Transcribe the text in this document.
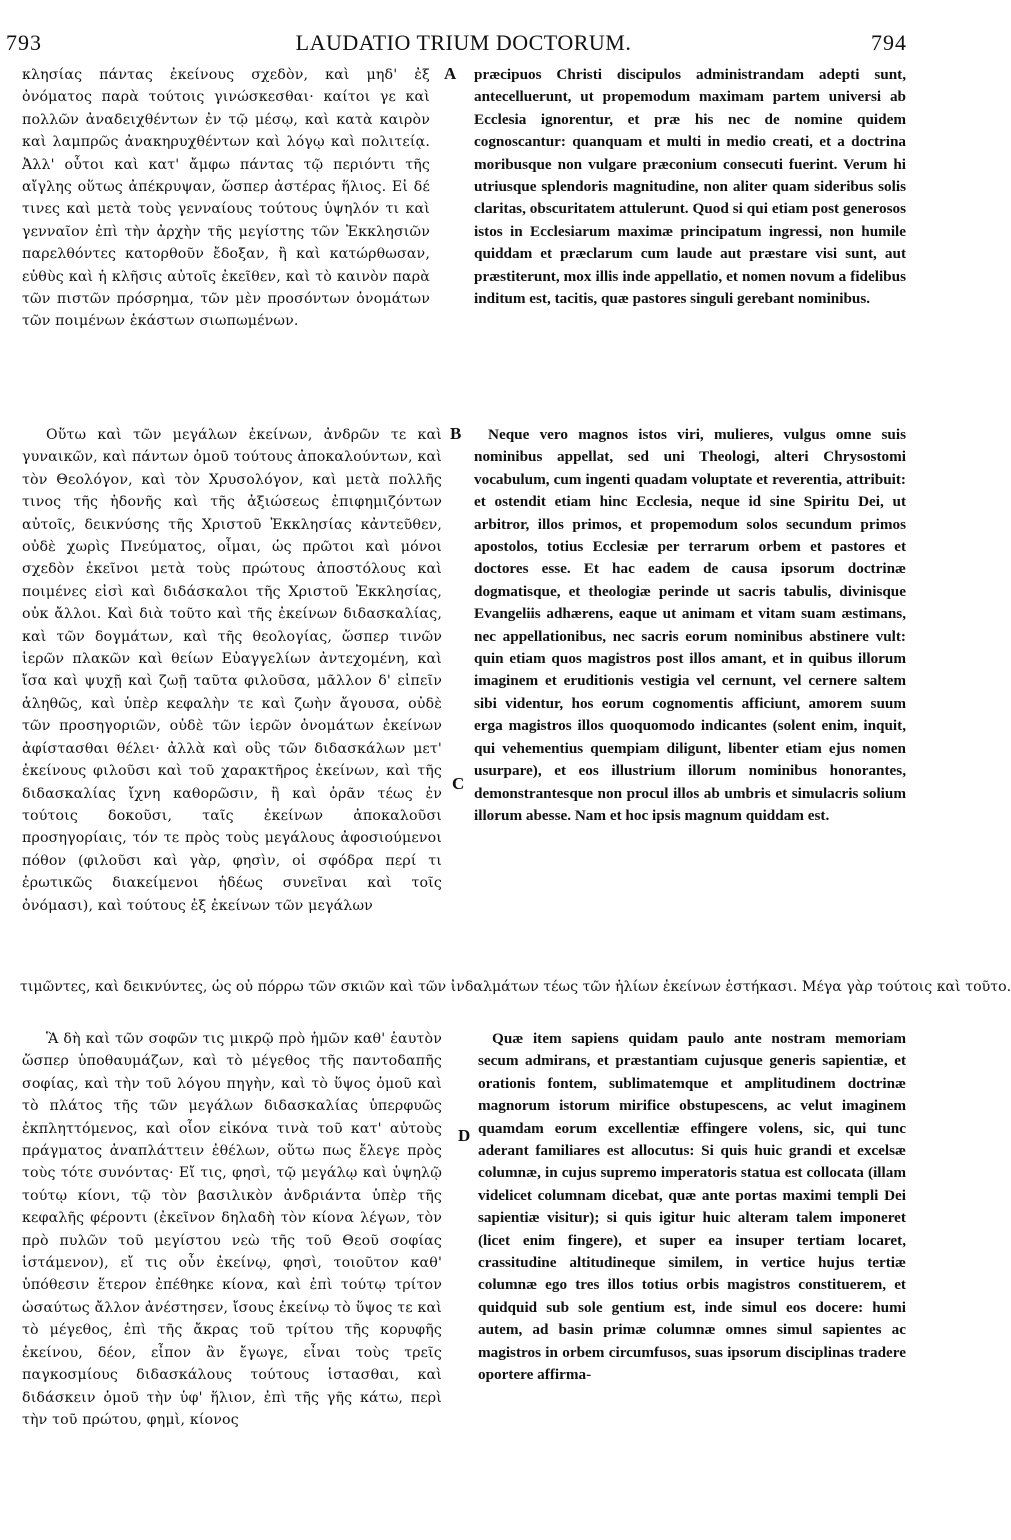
793	LAUDATIO TRIUM DOCTORUM.	794

κλησίας πάντας ἐκείνους σχεδὸν, καὶ μηδ' ἐξ ὀνόματος παρὰ τούτοις γινώσκεσθαι· καίτοι γε καὶ πολλῶν ἀναδειχθέντων ἐν τῷ μέσῳ, καὶ κατὰ καιρὸν καὶ λαμπρῶς ἀνακηρυχθέντων καὶ λόγῳ καὶ πολιτείᾳ. Ἀλλ' οὗτοι καὶ κατ' ἄμφω πάντας τῷ περιόντι τῆς αἴγλης οὕτως ἀπέκρυψαν, ὥσπερ ἀστέρας ἥλιος. Εἰ δέ τινες καὶ μετὰ τοὺς γενναίους τούτους ὑψηλόν τι καὶ γενναῖον ἐπὶ τὴν ἀρχὴν τῆς μεγίστης τῶν Ἐκκλησιῶν παρελθόντες κατορθοῦν ἔδοξαν, ἢ καὶ κατώρθωσαν, εὐθὺς καὶ ἡ κλῆσις αὐτοῖς ἐκεῖθεν, καὶ τὸ καινὸν παρὰ τῶν πιστῶν πρόσρημα, τῶν μὲν προσόντων ὀνομάτων τῶν ποιμένων ἑκάστων σιωπωμένων.

Οὕτω καὶ τῶν μεγάλων ἐκείνων, ἀνδρῶν τε καὶ γυναικῶν, καὶ πάντων ὁμοῦ τούτους ἀποκαλούντων, καὶ τὸν Θεολόγον, καὶ τὸν Χρυσολόγον, καὶ μετὰ πολλῆς τινος τῆς ἡδονῆς καὶ τῆς ἀξιώσεως ἐπιφημιζόντων αὐτοῖς, δεικνύσης τῆς Χριστοῦ Ἐκκλησίας κἀντεῦθεν, οὐδὲ χωρὶς Πνεύματος, οἶμαι, ὡς πρῶτοι καὶ μόνοι σχεδὸν ἐκεῖνοι μετὰ τοὺς πρώτους ἀποστόλους καὶ ποιμένες εἰσὶ καὶ διδάσκαλοι τῆς Χριστοῦ Ἐκκλησίας, οὐκ ἄλλοι. Καὶ διὰ τοῦτο καὶ τῆς ἐκείνων διδασκαλίας, καὶ τῶν δογμάτων, καὶ τῆς θεολογίας, ὥσπερ τινῶν ἱερῶν πλακῶν καὶ θείων Εὐαγγελίων ἀντεχομένη, καὶ ἴσα καὶ ψυχῇ καὶ ζωῇ ταῦτα φιλοῦσα, μᾶλλον δ' εἰπεῖν ἀληθῶς, καὶ ὑπὲρ κεφαλὴν τε καὶ ζωὴν ἄγουσα, οὐδὲ τῶν προσηγοριῶν, οὐδὲ τῶν ἱερῶν ὀνομάτων ἐκείνων ἀφίστασθαι θέλει· ἀλλὰ καὶ οὓς τῶν διδασκάλων μετ' ἐκείνους φιλοῦσι καὶ τοῦ χαρακτῆρος ἐκείνων, καὶ τῆς διδασκαλίας ἴχνη καθορῶσιν, ἢ καὶ ὁρᾶν τέως ἐν τούτοις δοκοῦσι, ταῖς ἐκείνων ἀποκαλοῦσι προσηγορίαις, τόν τε πρὸς τοὺς μεγάλους ἀφοσιούμενοι πόθον (φιλοῦσι καὶ γὰρ, φησὶν, οἱ σφόδρα περί τι ἐρωτικῶς διακείμενοι ἡδέως συνεῖναι καὶ τοῖς ὀνόμασι), καὶ τούτους ἐξ ἐκείνων τῶν μεγάλων

præcipuos Christi discipulos administrandam adepti sunt, antecelluerunt, ut propemodum maximam partem universi ab Ecclesia ignorentur, et præ his nec de nomine quidem cognoscantur: quanquam et multi in medio creati, et a doctrina moribusque non vulgare præconium consecuti fuerint. Verum hi utriusque splendoris magnitudine, non aliter quam sideribus solis claritas, obscuritatem attulerunt. Quod si qui etiam post generosos istos in Ecclesiarum maximæ principatum ingressi, non humile quiddam et præclarum cum laude aut præstare visi sunt, aut præstiterunt, mox illis inde appellatio, et nomen novum a fidelibus inditum est, tacitis, quæ pastores singuli gerebant nominibus.

Neque vero magnos istos viri, mulieres, vulgus omne suis nominibus appellat, sed uni Theologi, alteri Chrysostomi vocabulum, cum ingenti quadam voluptate et reverentia, attribuit: et ostendit etiam hinc Ecclesia, neque id sine Spiritu Dei, ut arbitror, illos primos, et propemodum solos secundum primos apostolos, totius Ecclesiæ per terrarum orbem et pastores et doctores esse. Et hac eadem de causa ipsorum doctrinæ dogmatisque, et theologiæ perinde ut sacris tabulis, divinisque Evangeliis adhærens, eaque ut animam et vitam suam æstimans, nec appellationibus, nec sacris eorum nominibus abstinere vult: quin etiam quos magistros post illos amant, et in quibus illorum imaginem et eruditionis vestigia vel cernunt, vel cernere saltem sibi videntur, hos eorum cognomentis afficiunt, amorem suum erga magistros illos quoquomodo indicantes (solent enim, inquit, qui vehementius quempiam diligunt, libenter etiam ejus nomen usurpare), et eos illustrium illorum nominibus honorantes, demonstrantesque non procul illos ab umbris et simulacris solium illorum abesse. Nam et hoc ipsis magnum quiddam est.

τιμῶντες, καὶ δεικνύντες, ὡς οὐ πόρρω τῶν σκιῶν καὶ τῶν ἰνδαλμάτων τέως τῶν ἡλίων ἐκείνων ἑστήκασι. Μέγα γὰρ τούτοις καὶ τοῦτο.

Ἃ δὴ καὶ τῶν σοφῶν τις μικρῷ πρὸ ἡμῶν καθ' ἑαυτὸν ὥσπερ ὑποθαυμάζων, καὶ τὸ μέγεθος τῆς παντοδαπῆς σοφίας, καὶ τὴν τοῦ λόγου πηγὴν, καὶ τὸ ὕψος ὁμοῦ καὶ τὸ πλάτος τῆς τῶν μεγάλων διδασκαλίας ὑπερφυῶς ἐκπληττόμενος, καὶ οἷον εἰκόνα τινὰ τοῦ κατ' αὐτοὺς πράγματος ἀναπλάττειν ἐθέλων, οὕτω πως ἔλεγε πρὸς τοὺς τότε συνόντας· Εἴ τις, φησὶ, τῷ μεγάλῳ καὶ ὑψηλῷ τούτῳ κίονι, τῷ τὸν βασιλικὸν ἀνδριάντα ὑπὲρ τῆς κεφαλῆς φέροντι (ἐκεῖνον δηλαδὴ τὸν κίονα λέγων, τὸν πρὸ πυλῶν τοῦ μεγίστου νεὼ τῆς τοῦ Θεοῦ σοφίας ἱστάμενον), εἴ τις οὖν ἐκείνῳ, φησὶ, τοιοῦτον καθ' ὑπόθεσιν ἕτερον ἐπέθηκε κίονα, καὶ ἐπὶ τούτῳ τρίτον ὡσαύτως ἄλλον ἀνέστησεν, ἴσους ἐκείνῳ τὸ ὕψος τε καὶ τὸ μέγεθος, ἐπὶ τῆς ἄκρας τοῦ τρίτου τῆς κορυφῆς ἐκείνου, δέον, εἶπον ἂν ἔγωγε, εἶναι τοὺς τρεῖς παγκοσμίους διδασκάλους τούτους ἱστασθαι, καὶ διδάσκειν ὁμοῦ τὴν ὑφ' ἥλιον, ἐπὶ τῆς γῆς κάτω, περὶ τὴν τοῦ πρώτου, φημὶ, κίονος

Quæ item sapiens quidam paulo ante nostram memoriam secum admirans, et præstantiam cujusque generis sapientiæ, et orationis fontem, sublimatemque et amplitudinem doctrinæ magnorum istorum mirifice obstupescens, ac velut imaginem quamdam eorum excellentiæ effingere volens, sic, qui tunc aderant familiares est allocutus: Si quis huic grandi et excelsæ columnæ, in cujus supremo imperatoris statua est collocata (illam videlicet columnam dicebat, quæ ante portas maximi templi Dei sapientiæ visitur); si quis igitur huic alteram talem imponeret (licet enim fingere), et super ea insuper tertiam locaret, crassitudine altitudineque similem, in vertice hujus tertiæ columnæ ego tres illos totius orbis magistros constituerem, et quidquid sub sole gentium est, inde simul eos docere: humi autem, ad basin primæ columnæ omnes simul sapientes ac magistros in orbem circumfusos, suas ipsorum disciplinas tradere oportere affirma-

A
B
C
D
